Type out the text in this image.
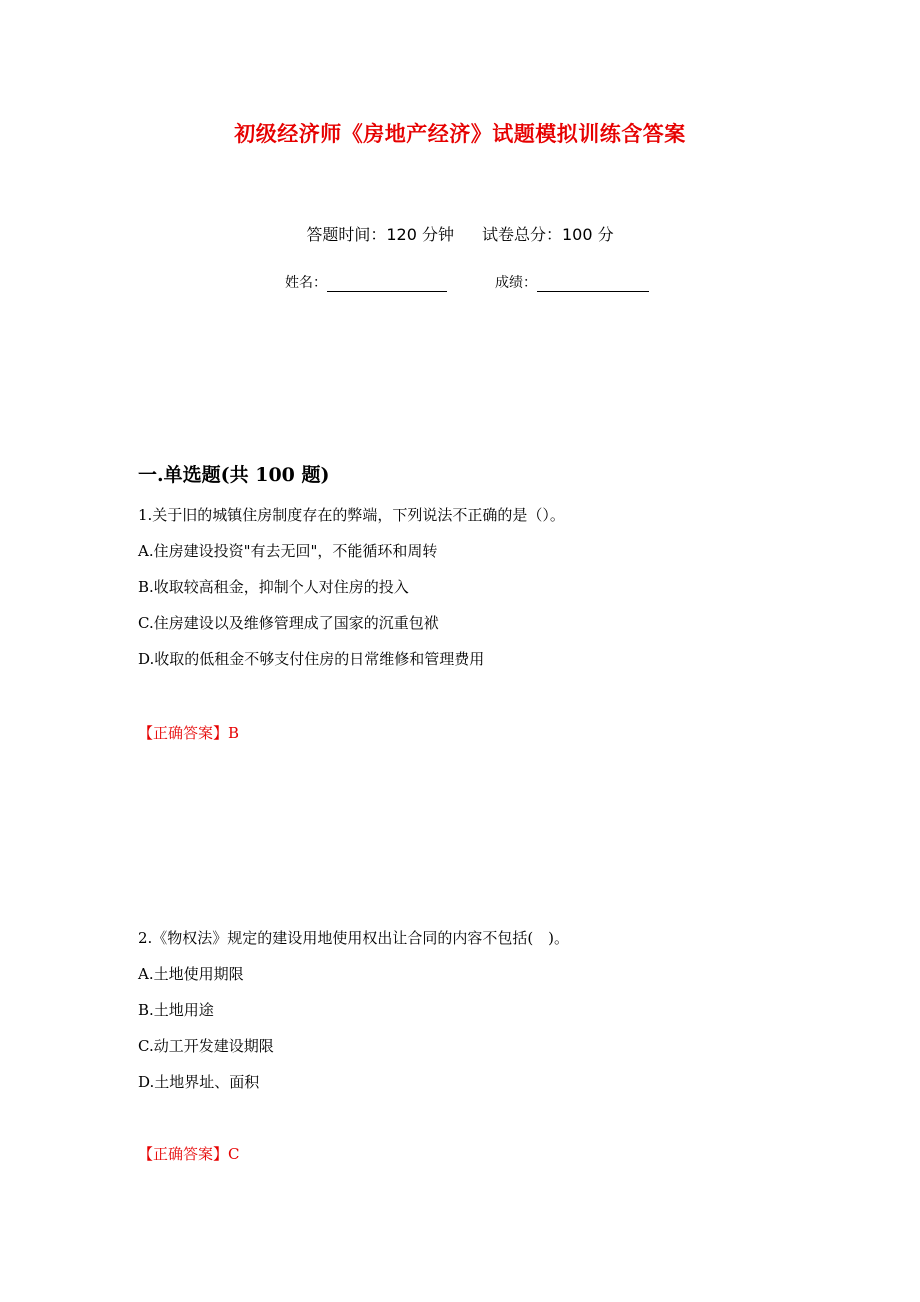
初级经济师《房地产经济》试题模拟训练含答案
答题时间：120 分钟 试卷总分：100 分
姓名：	成绩：
一.单选题(共 100 题)
1.关于旧的城镇住房制度存在的弊端，下列说法不正确的是（）。
A.住房建设投资"有去无回"，不能循环和周转
B.收取较高租金，抑制个人对住房的投入
C.住房建设以及维修管理成了国家的沉重包袱
D.收取的低租金不够支付住房的日常维修和管理费用
【正确答案】B
2.《物权法》规定的建设用地使用权出让合同的内容不包括(　)。
A.土地使用期限
B.土地用途
C.动工开发建设期限
D.土地界址、面积
【正确答案】C
